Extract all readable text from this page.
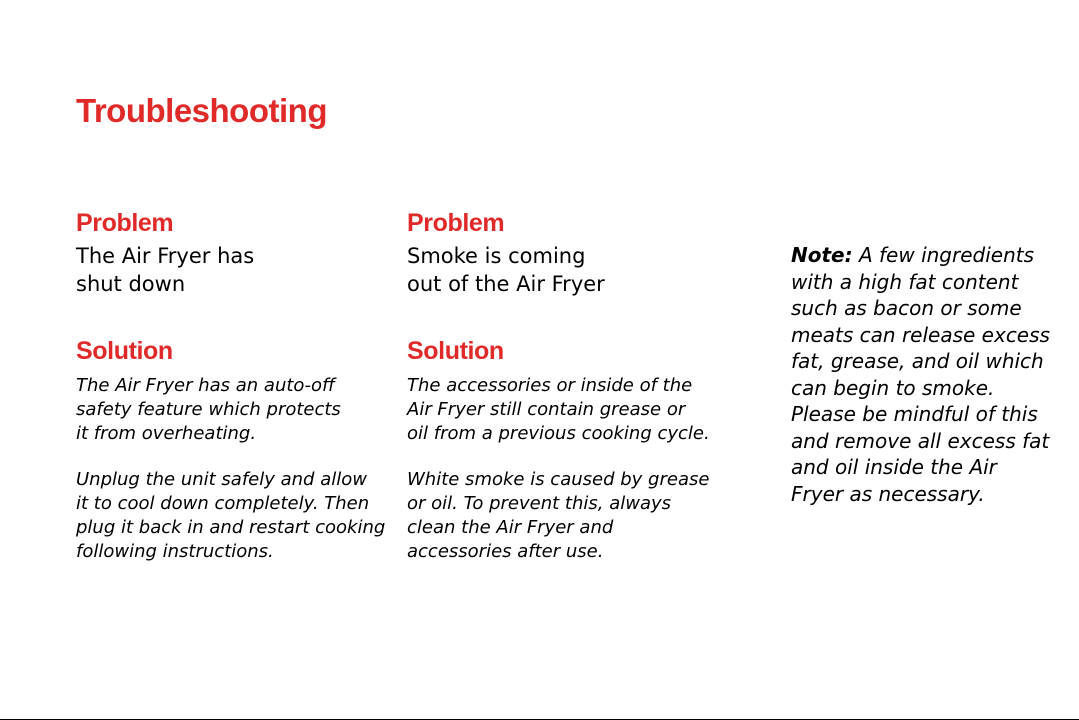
Troubleshooting
Problem

The Air Fryer has
shut down

Solution

The Air Fryer has an auto-off
safety feature which protects
it from overheating.

Unplug the unit safely and allow
it to cool down completely. Then
plug it back in and restart cooking
following instructions.

Problem

Smoke is coming
out of the Air Fryer

Solution

The accessories or inside of the
Air Fryer still contain grease or
oil from a previous cooking cycle.

White smoke is caused by grease
or oil. To prevent this, always
clean the Air Fryer and
accessories after use.

Note: A few ingredients
with a high fat content
such as bacon or some
meats can release excess
fat, grease, and oil which
can begin to smoke.
Please be mindful of this
and remove all excess fat
and oil inside the Air
Fryer as necessary.
